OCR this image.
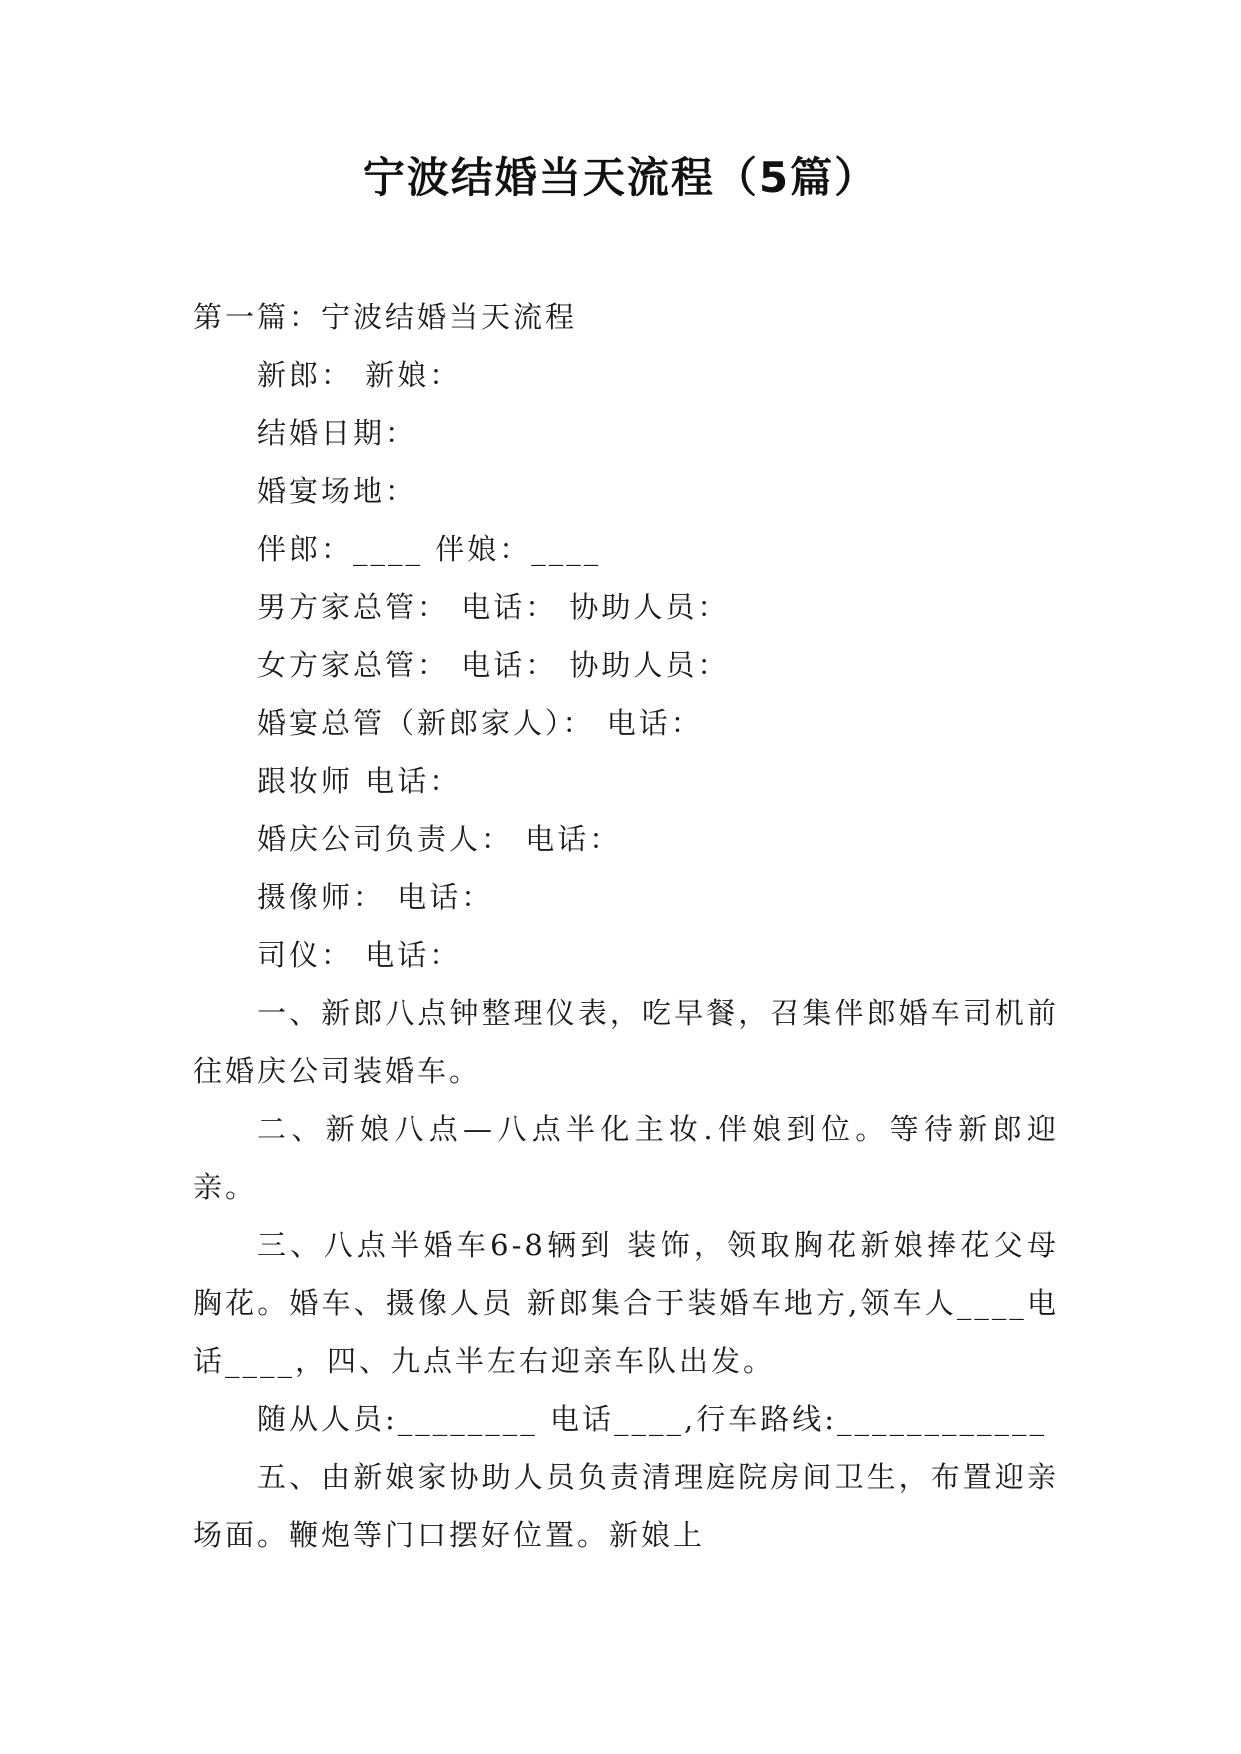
宁波结婚当天流程（5篇）

第一篇：宁波结婚当天流程

新郎： 新娘：

结婚日期：

婚宴场地：

伴郎：____ 伴娘：____

男方家总管： 电话： 协助人员：

女方家总管： 电话： 协助人员：

婚宴总管（新郎家人）： 电话：

跟妆师 电话：

婚庆公司负责人： 电话：

摄像师： 电话：

司仪： 电话：

一、新郎八点钟整理仪表，吃早餐，召集伴郎婚车司机前往婚庆公司装婚车。

二、新娘八点—八点半化主妆.伴娘到位。等待新郎迎亲。

三、八点半婚车6-8辆到 装饰，领取胸花新娘捧花父母胸花。婚车、摄像人员 新郎集合于装婚车地方,领车人____电话____，四、九点半左右迎亲车队出发。

随从人员:________ 电话____,行车路线:____________

五、由新娘家协助人员负责清理庭院房间卫生，布置迎亲场面。鞭炮等门口摆好位置。新娘上
